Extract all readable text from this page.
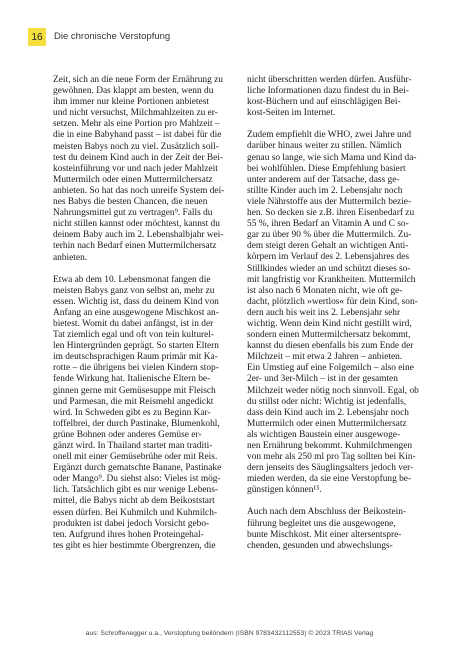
16 Die chronische Verstopfung
Zeit, sich an die neue Form der Ernährung zu
gewöhnen. Das klappt am besten, wenn du
ihm immer nur kleine Portionen anbietest
und nicht versuchst, Milchmahlzeiten zu er-
setzen. Mehr als eine Portion pro Mahlzeit –
die in eine Babyhand passt – ist dabei für die
meisten Babys noch zu viel. Zusätzlich soll-
test du deinem Kind auch in der Zeit der Bei-
kosteinführung vor und nach jeder Mahlzeit
Muttermilch oder einen Muttermilchersatz
anbieten. So hat das noch unreife System dei-
nes Babys die besten Chancen, die neuen
Nahrungsmittel gut zu vertragen⁹. Falls du
nicht stillen kannst oder möchtest, kannst du
deinem Baby auch im 2. Lebenshalbjahr wei-
terhin nach Bedarf einen Muttermilchersatz
anbieten.
Etwa ab dem 10. Lebensmonat fangen die
meisten Babys ganz von selbst an, mehr zu
essen. Wichtig ist, dass du deinem Kind von
Anfang an eine ausgewogene Mischkost an-
bietest. Womit du dabei anfängst, ist in der
Tat ziemlich egal und oft von tein kulturel-
len Hintergründen geprägt. So starten Eltern
im deutschsprachigen Raum primär mit Ka-
rotte – die übrigens bei vielen Kindern stop-
fende Wirkung hat. Italienische Eltern be-
ginnen gerne mit Gemüsesuppe mit Fleisch
und Parmesan, die mit Reismehl angedickt
wird. In Schweden gibt es zu Beginn Kar-
toffelbrei, der durch Pastinake, Blumenkohl,
grüne Bohnen oder anderes Gemüse er-
gänzt wird. In Thailand startet man traditi-
onell mit einer Gemüsebrühe oder mit Reis.
Ergänzt durch gematschte Banane, Pastinake
oder Mango⁹. Du siehst also: Vieles ist mög-
lich. Tatsächlich gibt es nur wenige Lebens-
mittel, die Babys nicht ab dem Beikoststart
essen dürfen. Bei Kuhmilch und Kuhmilch-
produkten ist dabei jedoch Vorsicht gebo-
ten. Aufgrund ihres hohen Proteingehal-
tes gibt es hier bestimmte Obergrenzen, die
nicht überschritten werden dürfen. Ausführ-
liche Informationen dazu findest du in Bei-
kost-Büchern und auf einschlägigen Bei-
kost-Seiten im Internet.
Zudem empfiehlt die WHO, zwei Jahre und
darüber hinaus weiter zu stillen. Nämlich
genau so lange, wie sich Mama und Kind da-
bei wohlfühlen. Diese Empfehlung basiert
unter anderem auf der Tatsache, dass ge-
stillte Kinder auch im 2. Lebensjahr noch
viele Nährstoffe aus der Muttermilch bezie-
hen. So decken sie z.B. ihren Eisenbedarf zu
55 %, ihren Bedarf an Vitamin A und C so-
gar zu über 90 % über die Muttermilch. Zu-
dem steigt deren Gehalt an wichtigen Anti-
körpern im Verlauf des 2. Lebensjahres des
Stillkindes wieder an und schützt dieses so-
mit langfristig vor Krankheiten. Muttermilch
ist also nach 6 Monaten nicht, wie oft ge-
dacht, plötzlich »wertlos« für dein Kind, son-
dern auch bis weit ins 2. Lebensjahr sehr
wichtig. Wenn dein Kind nicht gestillt wird,
sondern einen Muttermilchersatz bekommt,
kannst du diesen ebenfalls bis zum Ende der
Milchzeit – mit etwa 2 Jahren – anbieten.
Ein Umstieg auf eine Folgemilch – also eine
2er- und 3er-Milch – ist in der gesamten
Milchzeit weder nötig noch sinnvoll. Egal, ob
du stillst oder nicht: Wichtig ist jedenfalls,
dass dein Kind auch im 2. Lebensjahr noch
Muttermilch oder einen Muttermilchersatz
als wichtigen Baustein einer ausgewoge-
nen Ernährung bekommt. Kuhmilchmengen
von mehr als 250 ml pro Tag sollten bei Kin-
dern jenseits des Säuglingsalters jedoch ver-
mieden werden, da sie eine Verstopfung be-
günstigen können¹⁵.
Auch nach dem Abschluss der Beikostein-
führung begleitet uns die ausgewogene,
bunte Mischkost. Mit einer altersentspre-
chenden, gesunden und abwechslungs-
aus: Schroffenegger u.a., Verstopfung beilöndern (ISBN 9783432112553) © 2023 TRIAS Verlag
